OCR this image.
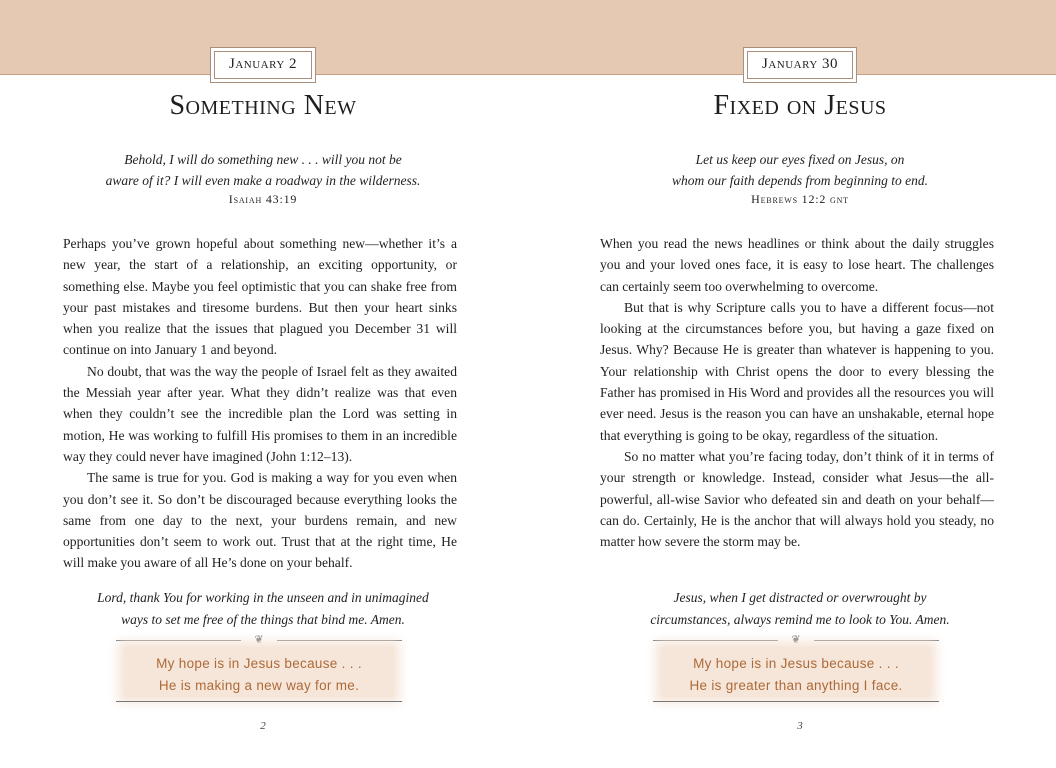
January 2
Something New
Behold, I will do something new . . . will you not be
aware of it? I will even make a roadway in the wilderness.
Isaiah 43:19

Perhaps you’ve grown hopeful about something new—whether it’s a new year, the start of a relationship, an exciting opportunity, or something else. Maybe you feel optimistic that you can shake free from your past mistakes and tiresome burdens. But then your heart sinks when you realize that the issues that plagued you December 31 will continue on into January 1 and beyond.

No doubt, that was the way the people of Israel felt as they awaited the Messiah year after year. What they didn’t realize was that even when they couldn’t see the incredible plan the Lord was setting in motion, He was working to fulfill His promises to them in an incredible way they could never have imagined (John 1:12–13).

The same is true for you. God is making a way for you even when you don’t see it. So don’t be discouraged because everything looks the same from one day to the next, your burdens remain, and new opportunities don’t seem to work out. Trust that at the right time, He will make you aware of all He’s done on your behalf.

Lord, thank You for working in the unseen and in unimagined
ways to set me free of the things that bind me. Amen.
❦
My hope is in Jesus because . . .
He is making a new way for me.
2
January 30
Fixed on Jesus
Let us keep our eyes fixed on Jesus, on
whom our faith depends from beginning to end.
Hebrews 12:2 gnt

When you read the news headlines or think about the daily struggles you and your loved ones face, it is easy to lose heart. The challenges can certainly seem too overwhelming to overcome.

But that is why Scripture calls you to have a different focus—not looking at the circumstances before you, but having a gaze fixed on Jesus. Why? Because He is greater than whatever is happening to you. Your relationship with Christ opens the door to every blessing the Father has promised in His Word and provides all the resources you will ever need. Jesus is the reason you can have an unshakable, eternal hope that everything is going to be okay, regardless of the situation.

So no matter what you’re facing today, don’t think of it in terms of your strength or knowledge. Instead, consider what Jesus—the all-powerful, all-wise Savior who defeated sin and death on your behalf—can do. Certainly, He is the anchor that will always hold you steady, no matter how severe the storm may be.

Jesus, when I get distracted or overwrought by
circumstances, always remind me to look to You. Amen.
❦
My hope is in Jesus because . . .
He is greater than anything I face.
3
